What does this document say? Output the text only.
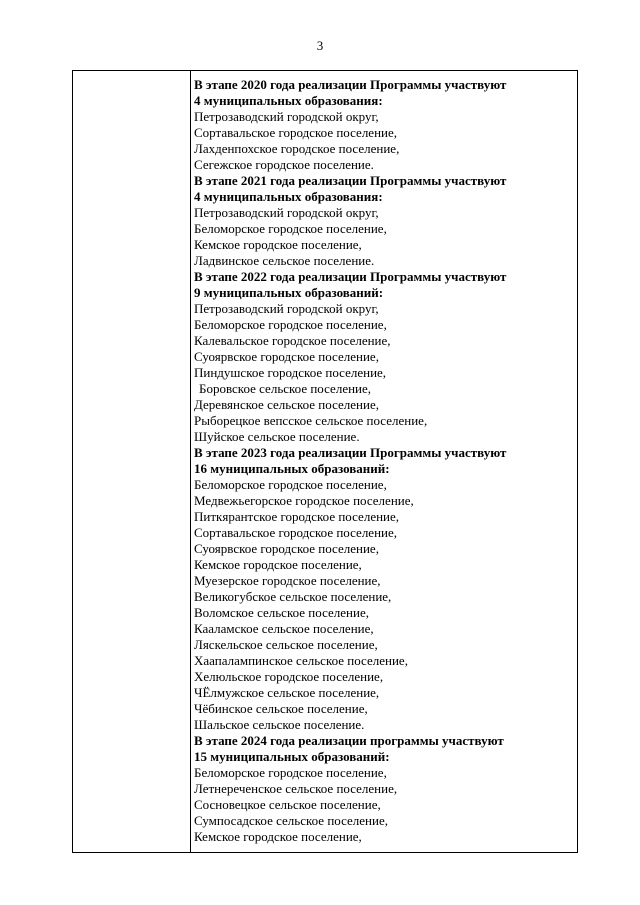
3
В этапе 2020 года реализации Программы участвуют
4 муниципальных образования:
Петрозаводский городской округ,
Сортавальское городское поселение,
Лахденпохское городское поселение,
Сегежское городское поселение.
В этапе 2021 года реализации Программы участвуют
4 муниципальных образования:
Петрозаводский городской округ,
Беломорское городское поселение,
Кемское городское поселение,
Ладвинское сельское поселение.
В этапе 2022 года реализации Программы участвуют
9 муниципальных образований:
Петрозаводский городской округ,
Беломорское городское поселение,
Калевальское городское поселение,
Суоярвское городское поселение,
Пиндушское городское поселение,
Боровское сельское поселение,
Деревянское сельское поселение,
Рыборецкое вепсское сельское поселение,
Шуйское сельское поселение.
В этапе 2023 года реализации Программы участвуют
16 муниципальных образований:
Беломорское городское поселение,
Медвежьегорское городское поселение,
Питкярантское городское поселение,
Сортавальское городское поселение,
Суоярвское городское поселение,
Кемское городское поселение,
Муезерское городское поселение,
Великогубское сельское поселение,
Воломское сельское поселение,
Кааламское сельское поселение,
Ляскельское сельское поселение,
Хаапалампинское сельское поселение,
Хелюльское городское поселение,
ЧЁлмужское сельское поселение,
Чёбинское сельское поселение,
Шальское сельское поселение.
В этапе 2024 года реализации программы участвуют
15 муниципальных образований:
Беломорское городское поселение,
Летнереченское сельское поселение,
Сосновецкое сельское поселение,
Сумпосадское сельское поселение,
Кемское городское поселение,
